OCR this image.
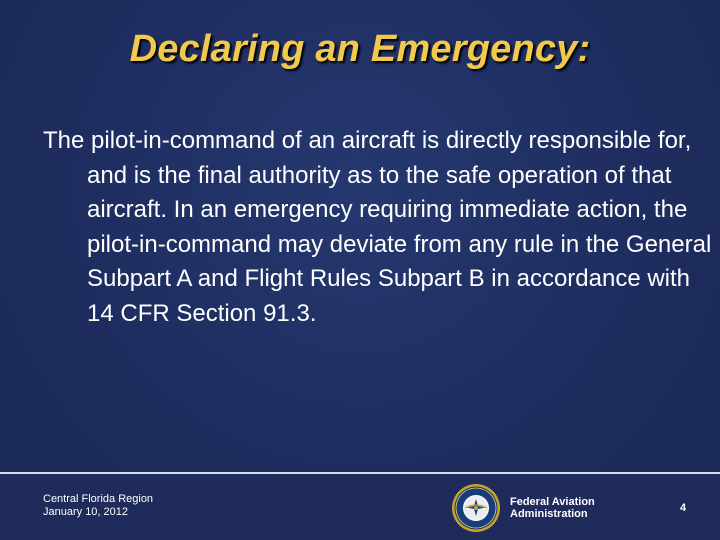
Declaring an Emergency:

The pilot-in-command of an aircraft is directly responsible for, and is the final authority as to the safe operation of that aircraft. In an emergency requiring immediate action, the pilot-in-command may deviate from any rule in the General Subpart A and Flight Rules Subpart B in accordance with 14 CFR Section 91.3.

Central Florida Region
January 10, 2012
Federal Aviation
Administration	4
